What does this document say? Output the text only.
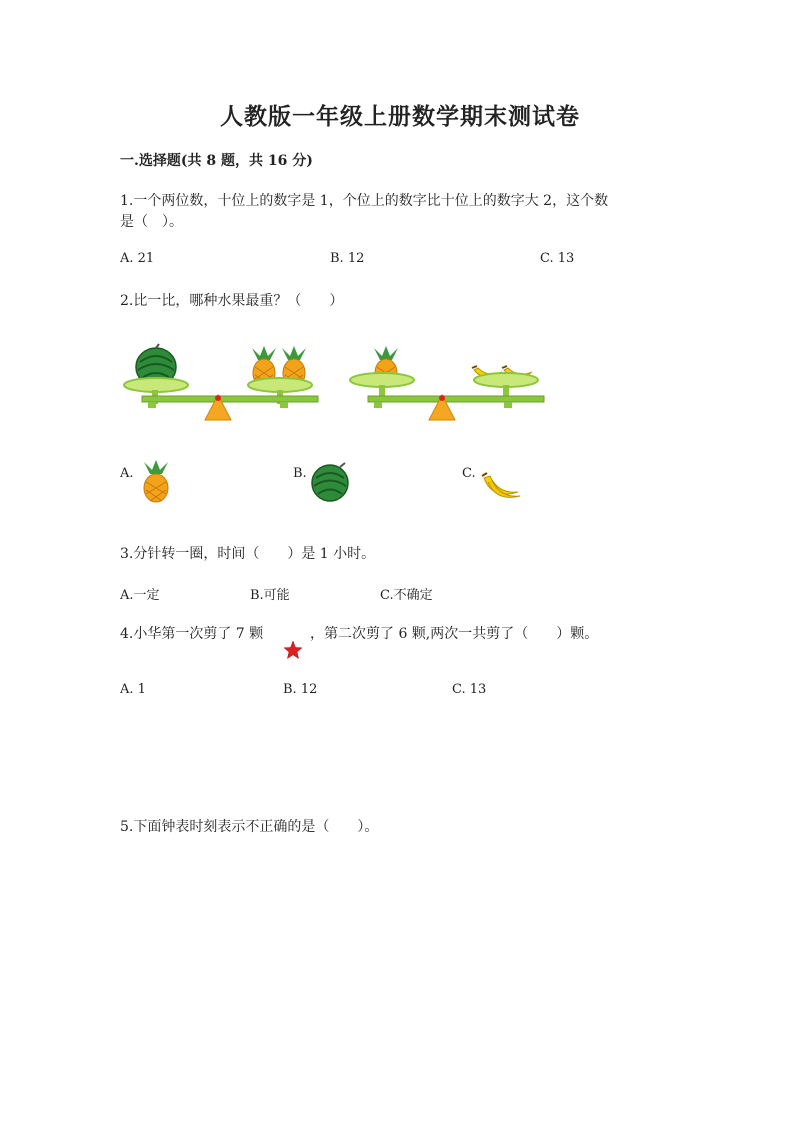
人教版一年级上册数学期末测试卷
一.选择题(共 8 题，共 16 分)
1.一个两位数，十位上的数字是 1，个位上的数字比十位上的数字大 2，这个数
是（　）。
A. 21	B. 12	C. 13
2.比一比，哪种水果最重？（　　）
A.	B.	C.
3.分针转一圈，时间（　　）是 1 小时。
A.一定	B.可能	C.不确定
4.小华第一次剪了 7 颗	，第二次剪了 6 颗,两次一共剪了（　　）颗。
A. 1	B. 12	C. 13
5.下面钟表时刻表示不正确的是（　　）。
